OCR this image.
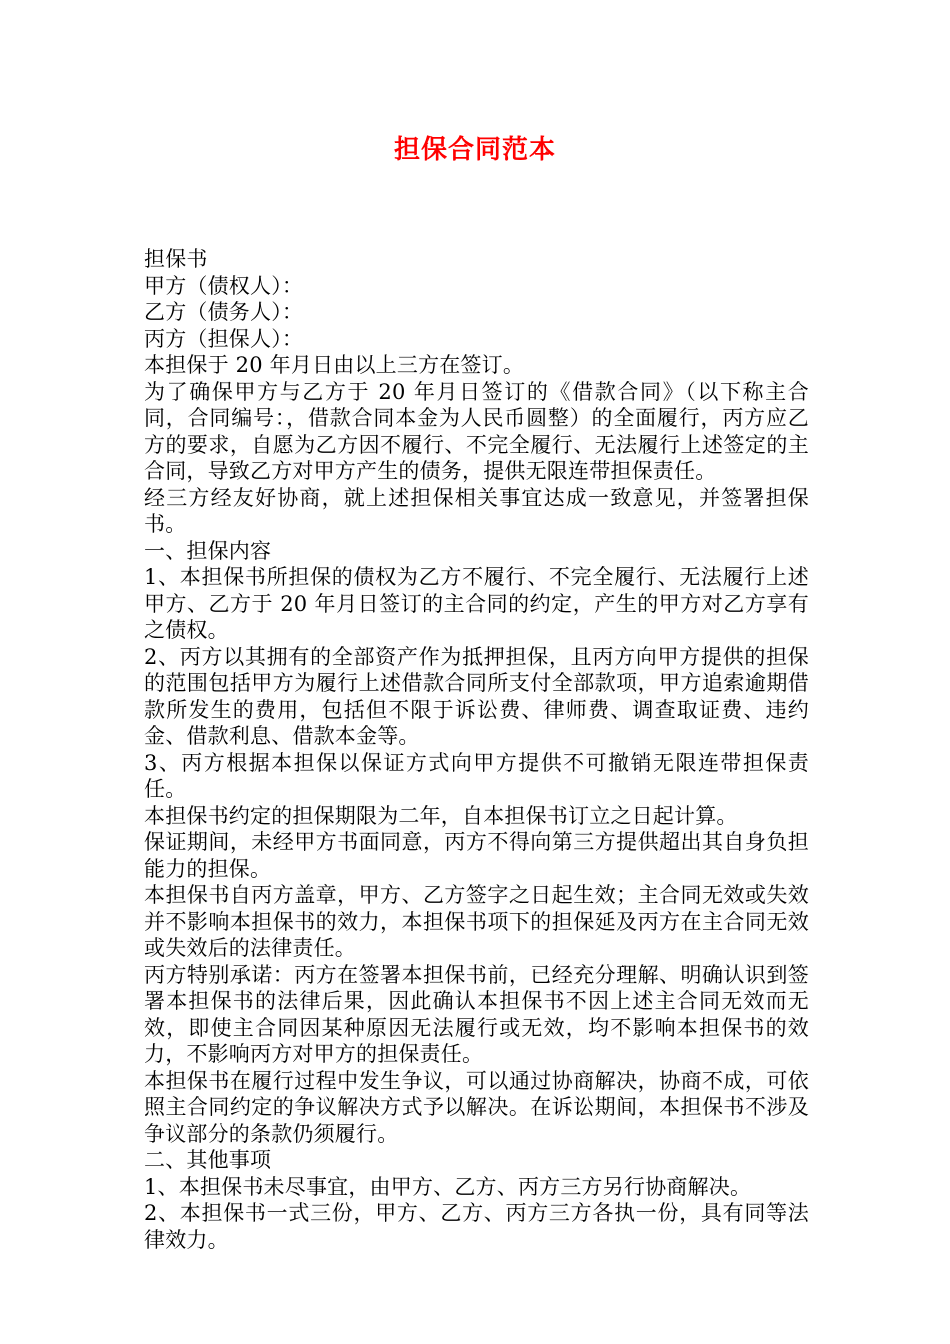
担保合同范本

担保书

甲方（债权人）：

乙方（债务人）：

丙方（担保人）：

本担保于 20 年月日由以上三方在签订。

为了确保甲方与乙方于 20 年月日签订的《借款合同》（以下称主合同，合同编号：，借款合同本金为人民币圆整）的全面履行，丙方应乙方的要求，自愿为乙方因不履行、不完全履行、无法履行上述签定的主合同，导致乙方对甲方产生的债务，提供无限连带担保责任。

经三方经友好协商，就上述担保相关事宜达成一致意见，并签署担保书。

一、担保内容

1、本担保书所担保的债权为乙方不履行、不完全履行、无法履行上述甲方、乙方于 20 年月日签订的主合同的约定，产生的甲方对乙方享有之债权。

2、丙方以其拥有的全部资产作为抵押担保，且丙方向甲方提供的担保的范围包括甲方为履行上述借款合同所支付全部款项，甲方追索逾期借款所发生的费用，包括但不限于诉讼费、律师费、调查取证费、违约金、借款利息、借款本金等。

3、丙方根据本担保以保证方式向甲方提供不可撤销无限连带担保责任。

本担保书约定的担保期限为二年，自本担保书订立之日起计算。

保证期间，未经甲方书面同意，丙方不得向第三方提供超出其自身负担能力的担保。

本担保书自丙方盖章，甲方、乙方签字之日起生效；主合同无效或失效并不影响本担保书的效力，本担保书项下的担保延及丙方在主合同无效或失效后的法律责任。

丙方特别承诺：丙方在签署本担保书前，已经充分理解、明确认识到签署本担保书的法律后果，因此确认本担保书不因上述主合同无效而无效，即使主合同因某种原因无法履行或无效，均不影响本担保书的效力，不影响丙方对甲方的担保责任。

本担保书在履行过程中发生争议，可以通过协商解决，协商不成，可依照主合同约定的争议解决方式予以解决。在诉讼期间，本担保书不涉及争议部分的条款仍须履行。

二、其他事项

1、本担保书未尽事宜，由甲方、乙方、丙方三方另行协商解决。

2、本担保书一式三份，甲方、乙方、丙方三方各执一份，具有同等法律效力。
